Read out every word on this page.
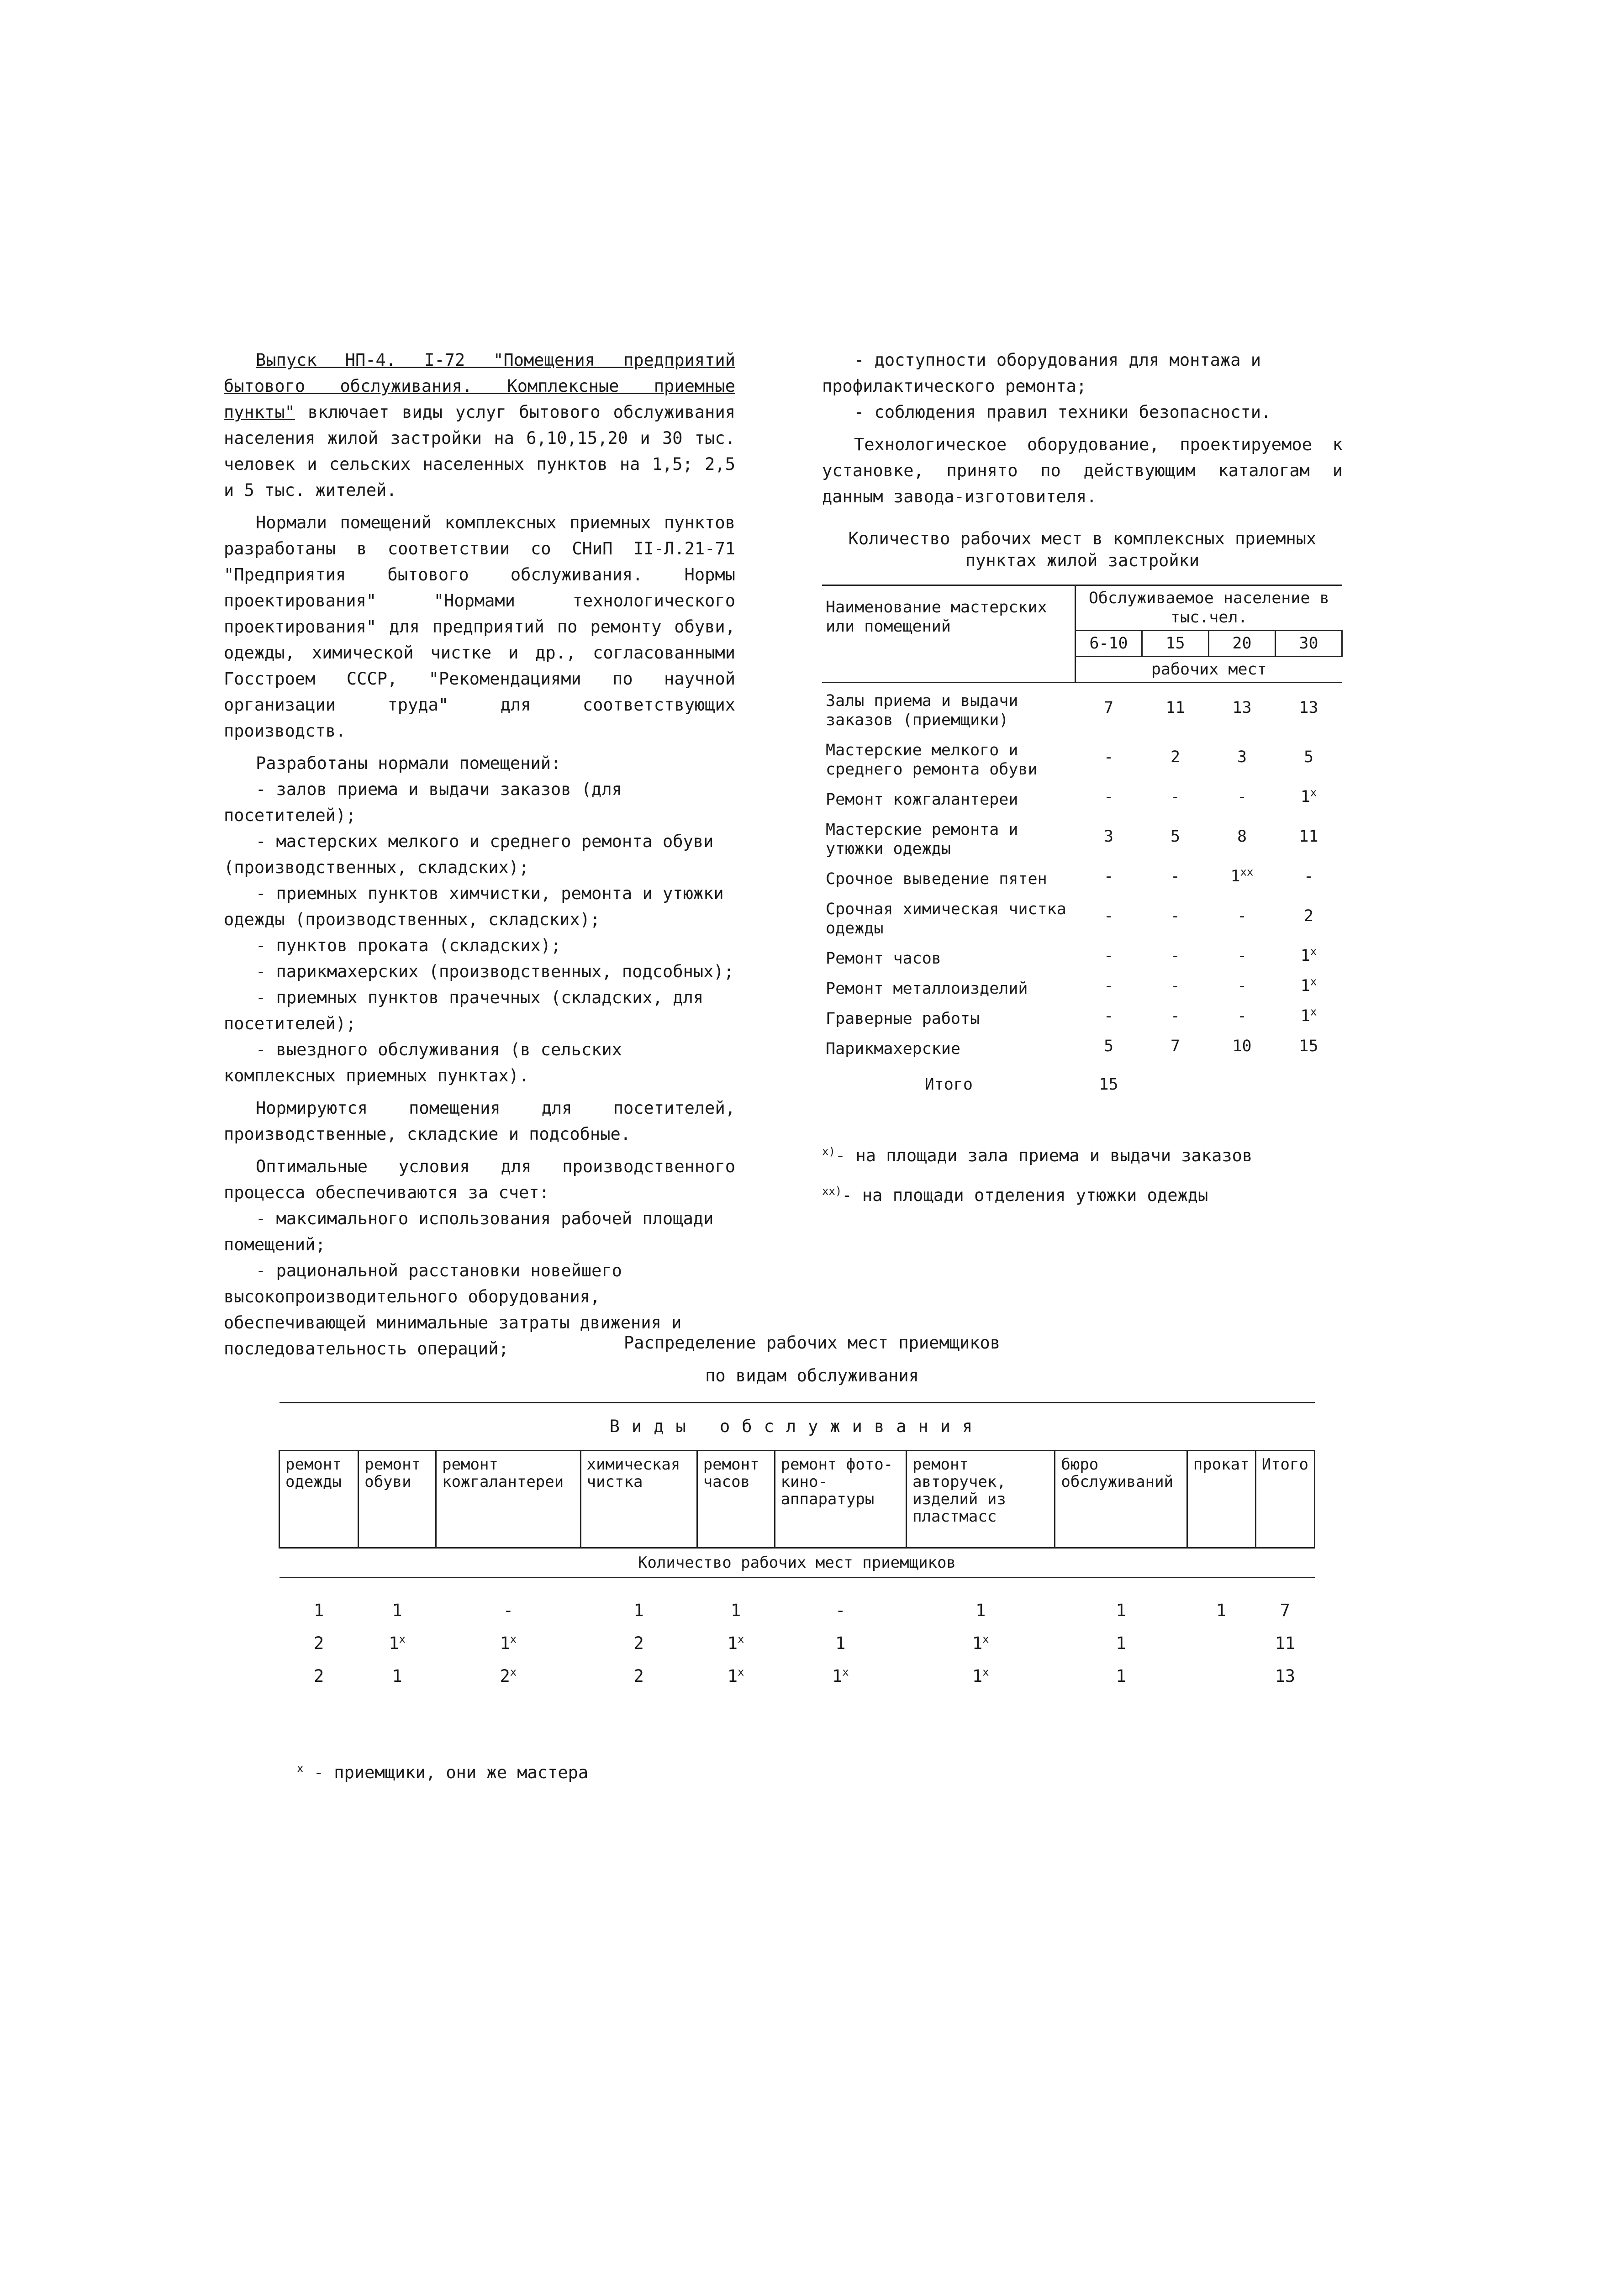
Выпуск НП-4. I-72 "Помещения предприятий бытового обслуживания. Комплексные приемные пункты" включает виды услуг бытового обслуживания населения жилой застройки на 6,10,15,20 и 30 тыс. человек и сельских населенных пунктов на 1,5; 2,5 и 5 тыс. жителей.

Нормали помещений комплексных приемных пунктов разработаны в соответствии со СНиП II-Л.21-71 "Предприятия бытового обслуживания. Нормы проектирования" "Нормами технологического проектирования" для предприятий по ремонту обуви, одежды, химической чистке и др., согласованными Госстроем СССР, "Рекомендациями по научной организации труда" для соответствующих производств.

Разработаны нормали помещений:

- залов приема и выдачи заказов (для посетителей);

- мастерских мелкого и среднего ремонта обуви (производственных, складских);

- приемных пунктов химчистки, ремонта и утюжки одежды (производственных, складских);

- пунктов проката (складских);

- парикмахерских (производственных, подсобных);

- приемных пунктов прачечных (складских, для посетителей);

- выездного обслуживания (в сельских комплексных приемных пунктах).

Нормируются помещения для посетителей, производственные, складские и подсобные.

Оптимальные условия для производственного процесса обеспечиваются за счет:

- максимального использования рабочей площади помещений;

- рациональной расстановки новейшего высокопроизводительного оборудования, обеспечивающей минимальные затраты движения и последовательность операций;

- доступности оборудования для монтажа и профилактического ремонта;

- соблюдения правил техники безопасности.

Технологическое оборудование, проектируемое к установке, принято по действующим каталогам и данным завода-изготовителя.

Количество рабочих мест в комплексных приемных пунктах жилой застройки
Наименование мастерских или помещений	Обслуживаемое население в тыс.чел.			
	6-10	15	20	30
	рабочих мест			
Залы приема и выдачи заказов (приемщики)	7	11	13	13
Мастерские мелкого и среднего ремонта обуви	-	2	3	5
Ремонт кожгалантереи	-	-	-	1$^x$
Мастерские ремонта и утюжки одежды	3	5	8	11
Срочное выведение пятен	-	-	1$^{xx}$	-
Срочная химическая чистка одежды	-	-	-	2
Ремонт часов	-	-	-	1$^x$
Ремонт металлоизделий	-	-	-	1$^x$
Граверные работы	-	-	-	1$^x$
Парикмахерские	5	7	10	15
Итого	15			

$^{x)}$- на площади зала приема и выдачи заказов

$^{xx)}$- на площади отделения утюжки одежды

Распределение рабочих мест приемщиков
по видам обслуживания
Виды обслуживания									
ремонт одежды	ремонт обуви	ремонт кожгалантереи	химическая чистка	ремонт часов	ремонт фото-кино-аппаратуры	ремонт авторучек, изделий из пластмасс	бюро обслуживаний	прокат	Итого
Количество рабочих мест приемщиков									
1	1	-	1	1	-	1	1	1	7
2	1$^x$	1$^x$	2	1$^x$	1	1$^x$	1		11
2	1	2$^x$	2	1$^x$	1$^x$	1$^x$	1		13
$^x$ - приемщики, они же мастера
